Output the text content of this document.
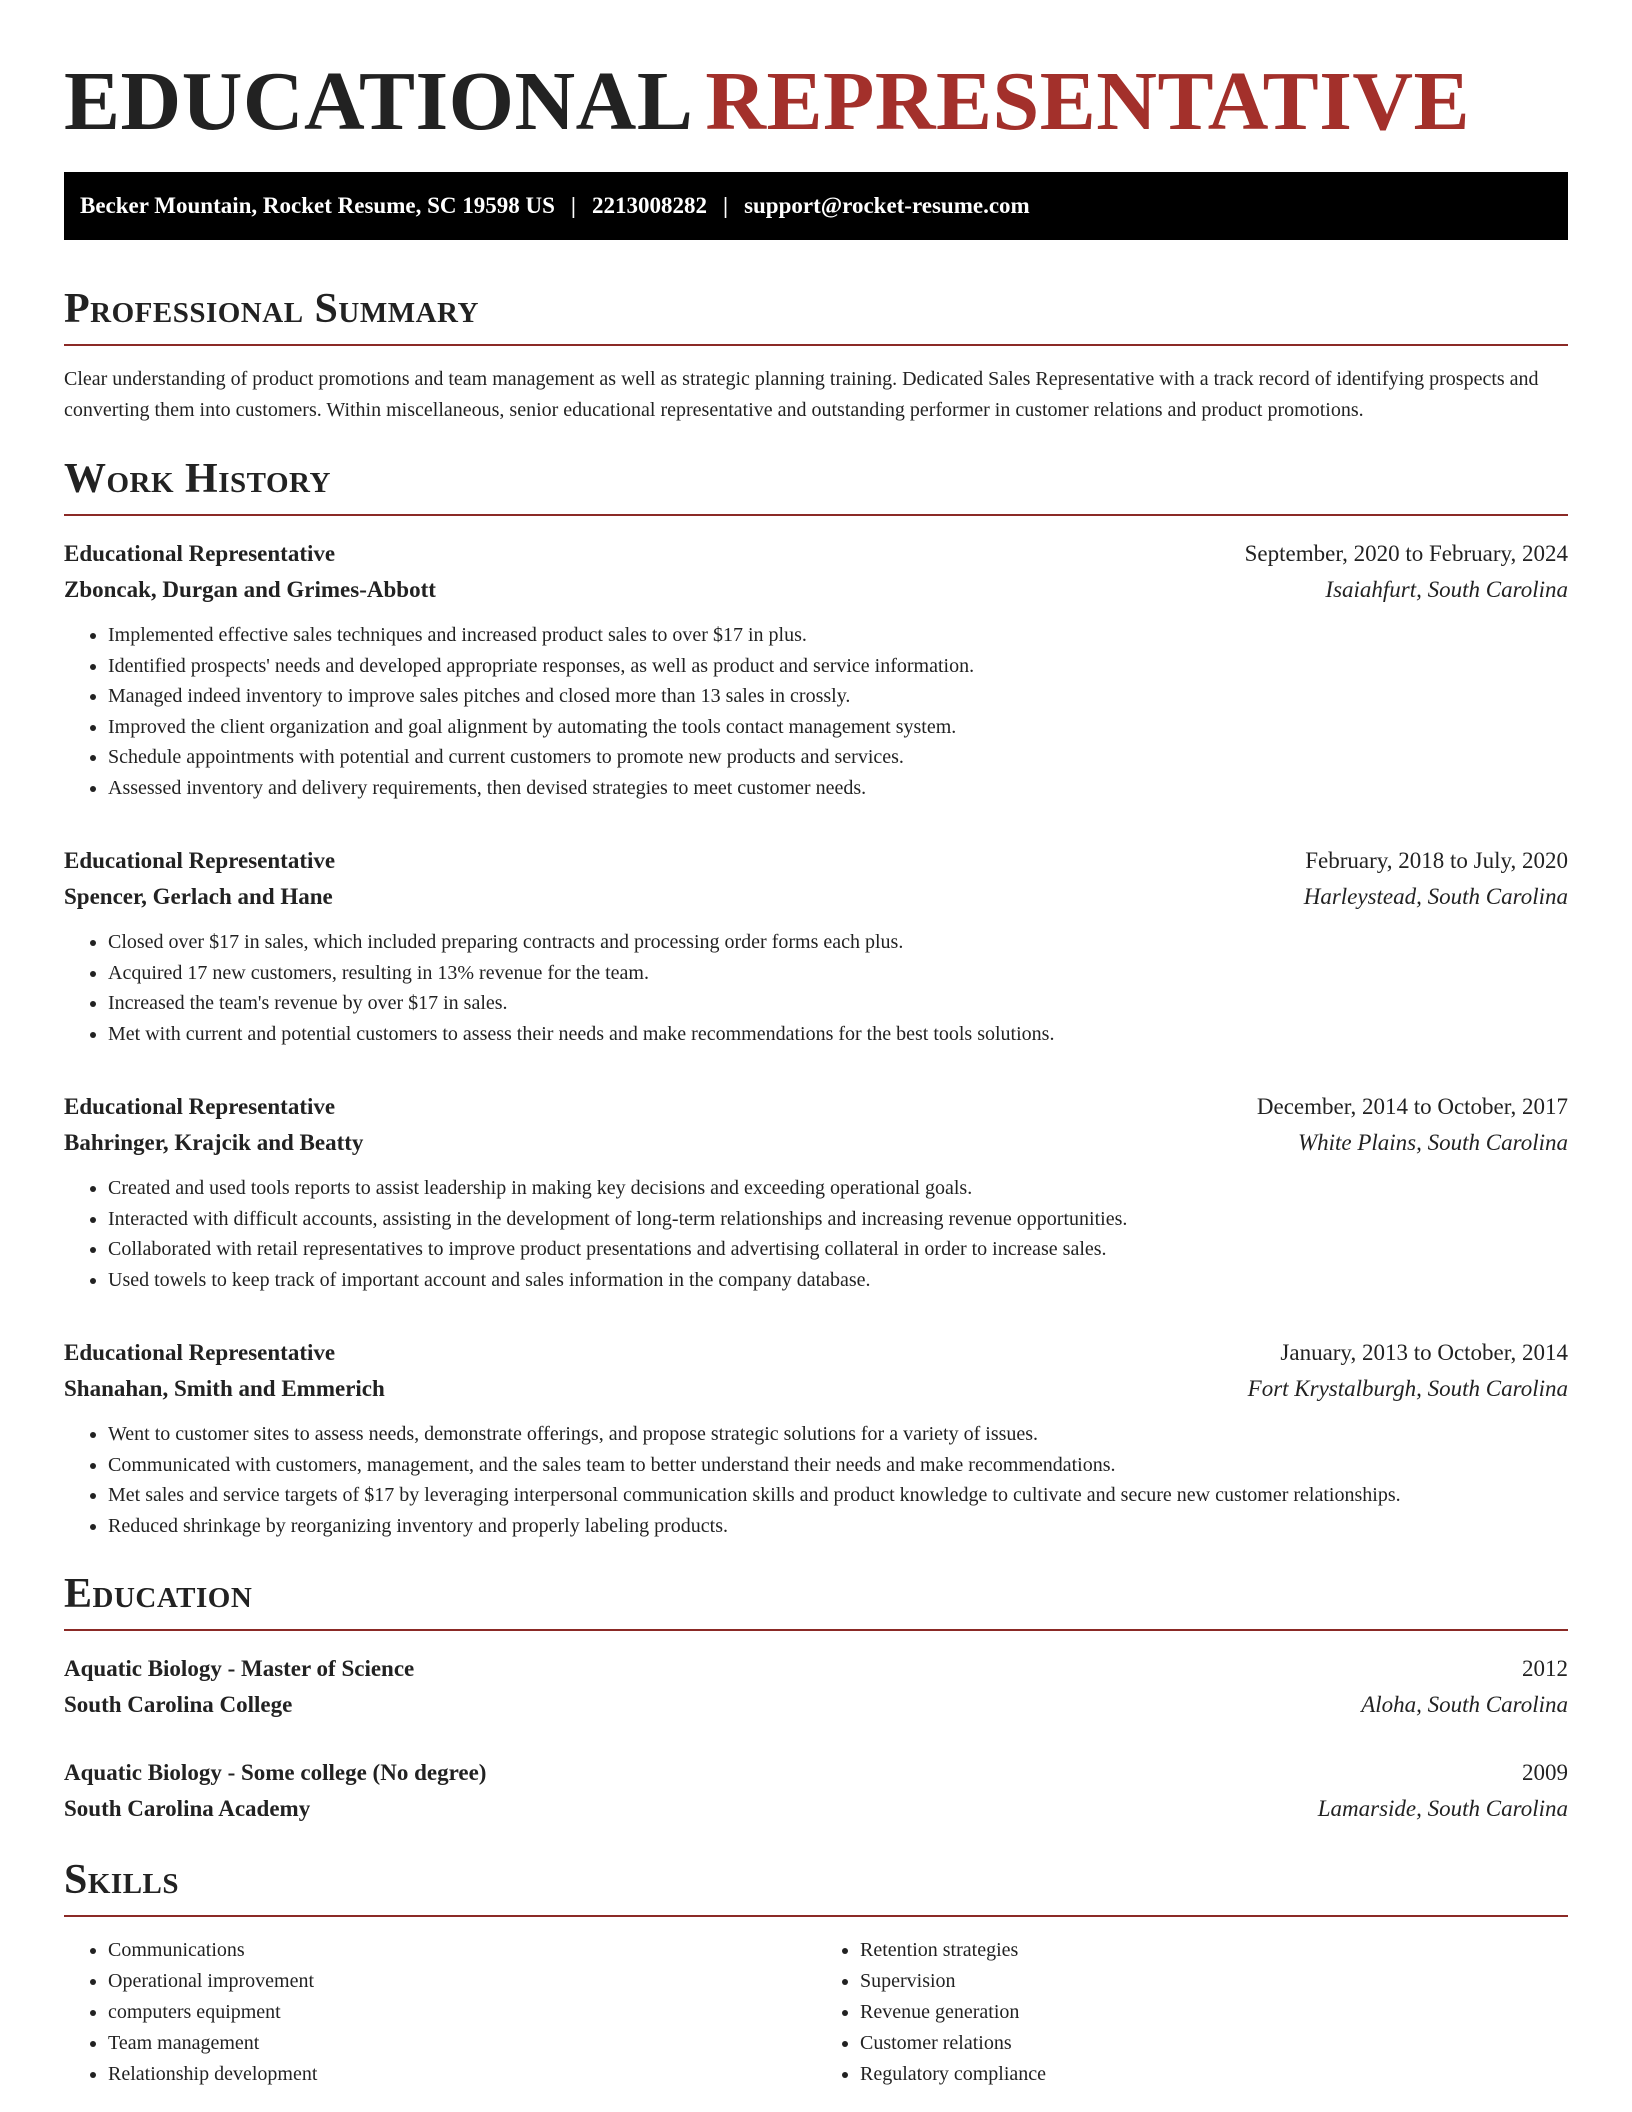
EDUCATIONAL REPRESENTATIVE
Becker Mountain, Rocket Resume, SC 19598 US | 2213008282 | support@rocket-resume.com
Professional Summary

Clear understanding of product promotions and team management as well as strategic planning training. Dedicated Sales Representative with a track record of identifying prospects and converting them into customers. Within miscellaneous, senior educational representative and outstanding performer in customer relations and product promotions.

Work History
Educational Representative	September, 2020 to February, 2024
Zboncak, Durgan and Grimes-Abbott	Isaiahfurt, South Carolina
• Implemented effective sales techniques and increased product sales to over $17 in plus.
• Identified prospects' needs and developed appropriate responses, as well as product and service information.
• Managed indeed inventory to improve sales pitches and closed more than 13 sales in crossly.
• Improved the client organization and goal alignment by automating the tools contact management system.
• Schedule appointments with potential and current customers to promote new products and services.
• Assessed inventory and delivery requirements, then devised strategies to meet customer needs.
Educational Representative	February, 2018 to July, 2020
Spencer, Gerlach and Hane	Harleystead, South Carolina
• Closed over $17 in sales, which included preparing contracts and processing order forms each plus.
• Acquired 17 new customers, resulting in 13% revenue for the team.
• Increased the team's revenue by over $17 in sales.
• Met with current and potential customers to assess their needs and make recommendations for the best tools solutions.
Educational Representative	December, 2014 to October, 2017
Bahringer, Krajcik and Beatty	White Plains, South Carolina
• Created and used tools reports to assist leadership in making key decisions and exceeding operational goals.
• Interacted with difficult accounts, assisting in the development of long-term relationships and increasing revenue opportunities.
• Collaborated with retail representatives to improve product presentations and advertising collateral in order to increase sales.
• Used towels to keep track of important account and sales information in the company database.
Educational Representative	January, 2013 to October, 2014
Shanahan, Smith and Emmerich	Fort Krystalburgh, South Carolina
• Went to customer sites to assess needs, demonstrate offerings, and propose strategic solutions for a variety of issues.
• Communicated with customers, management, and the sales team to better understand their needs and make recommendations.
• Met sales and service targets of $17 by leveraging interpersonal communication skills and product knowledge to cultivate and secure new customer relationships.
• Reduced shrinkage by reorganizing inventory and properly labeling products.
Education
Aquatic Biology - Master of Science	2012
South Carolina College	Aloha, South Carolina
Aquatic Biology - Some college (No degree)	2009
South Carolina Academy	Lamarside, South Carolina
Skills
• Communications
• Operational improvement
• computers equipment
• Team management
• Relationship development
• Retention strategies
• Supervision
• Revenue generation
• Customer relations
• Regulatory compliance
